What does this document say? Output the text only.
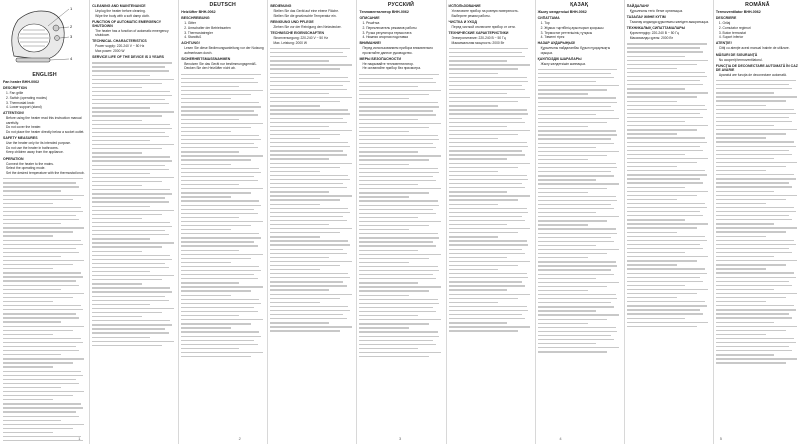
1
2
3
4
ENGLISH
Fan heater BHH-0062
DESCRIPTION
1. Fan grille
2. Switch (operating modes)
3. Thermostat knob
4. Lower support (stand)
ATTENTION!
Before using the heater read this instruction manual carefully.
Do not cover the heater.
Do not place the heater directly below a socket outlet.
SAFETY MEASURES
Use the heater only for its intended purpose.
Do not use the heater in bathrooms.
Keep children away from the appliance.
OPERATION
Connect the heater to the mains.
Select the operating mode.
Set the desired temperature with the thermostat knob.
CLEANING AND MAINTENANCE
Unplug the heater before cleaning.
Wipe the body with a soft damp cloth.
FUNCTION OF AUTOMATIC EMERGENCY SHUTDOWN
The heater has a function of automatic emergency shutdown.
TECHNICAL CHARACTERISTICS
Power supply: 220-240 V ~ 50 Hz
Max power: 2000 W
SERVICE LIFE OF THE DEVICE IS 3 YEARS
DEUTSCH
Heizlüfter BHH-0062
BESCHREIBUNG
1. Gitter
2. Umschalter der Betriebsarten
3. Thermostatregler
4. Standfuß
ACHTUNG!
Lesen Sie diese Bedienungsanleitung vor der Nutzung aufmerksam durch.
SICHERHEITSMASSNAHMEN
Benutzen Sie das Gerät nur bestimmungsgemäß.
Decken Sie den Heizlüfter nicht ab.
BEDIENUNG
Stellen Sie das Gerät auf eine ebene Fläche.
Stellen Sie die gewünschte Temperatur ein.
REINIGUNG UND PFLEGE
Ziehen Sie vor der Reinigung den Netzstecker.
TECHNISCHE EIGENSCHAFTEN
Stromversorgung: 220-240 V ~ 50 Hz
Max. Leistung: 2000 W
РУССКИЙ
Тепловентилятор BHH-0062
ОПИСАНИЕ
1. Решётка
2. Переключатель режимов работы
3. Ручка регулятора термостата
4. Нижняя опорная подставка
ВНИМАНИЕ!
Перед использованием прибора внимательно прочитайте данное руководство.
МЕРЫ БЕЗОПАСНОСТИ
Не накрывайте тепловентилятор.
Не оставляйте прибор без присмотра.
ИСПОЛЬЗОВАНИЕ
Установите прибор на ровную поверхность.
Выберите режим работы.
ЧИСТКА И УХОД
Перед чисткой отключите прибор от сети.
ТЕХНИЧЕСКИЕ ХАРАКТЕРИСТИКИ
Электропитание: 220-240 В ~ 50 Гц
Максимальная мощность: 2000 Вт
ҚАЗАҚ
Жылу желдеткіші BHH-0062
СИПАТТАМА
1. Тор
2. Жұмыс тәртібінің ауыстырып қосқышы
3. Термостат реттегішінің тұтқасы
4. Төменгі тірек
НАЗАР АУДАРЫҢЫЗ!
Құрылғыны пайдаланбас бұрын нұсқаулықты оқыңыз.
ҚАУІПСІЗДІК ШАРАЛАРЫ
Жылу желдеткішін жаппаңыз.
ПАЙДАЛАНУ
Құрылғыны тегіс бетке орнатыңыз.
ТАЗАЛАУ ЖӘНЕ КҮТІМ
Тазалау алдында құрылғыны желіден ажыратыңыз.
ТЕХНИКАЛЫҚ СИПАТТАМАЛАРЫ
Қоректендіру: 220-240 В ~ 50 Гц
Максималды қуаты: 2000 Вт
ROMÂNĂ
Termoventilator BHH-0062
DESCRIERE
1. Grilaj
2. Comutator regimuri
3. Buton termostat
4. Suport inferior
ATENŢIE!
Citiţi cu atenţie acest manual înainte de utilizare.
MĂSURI DE SIGURANŢĂ
Nu acoperiţi termoventilatorul.
FUNCŢIA DE DECONECTARE AUTOMATĂ ÎN CAZ DE AVARIE
Aparatul are funcţia de deconectare automată.
1	2	3	4	5
